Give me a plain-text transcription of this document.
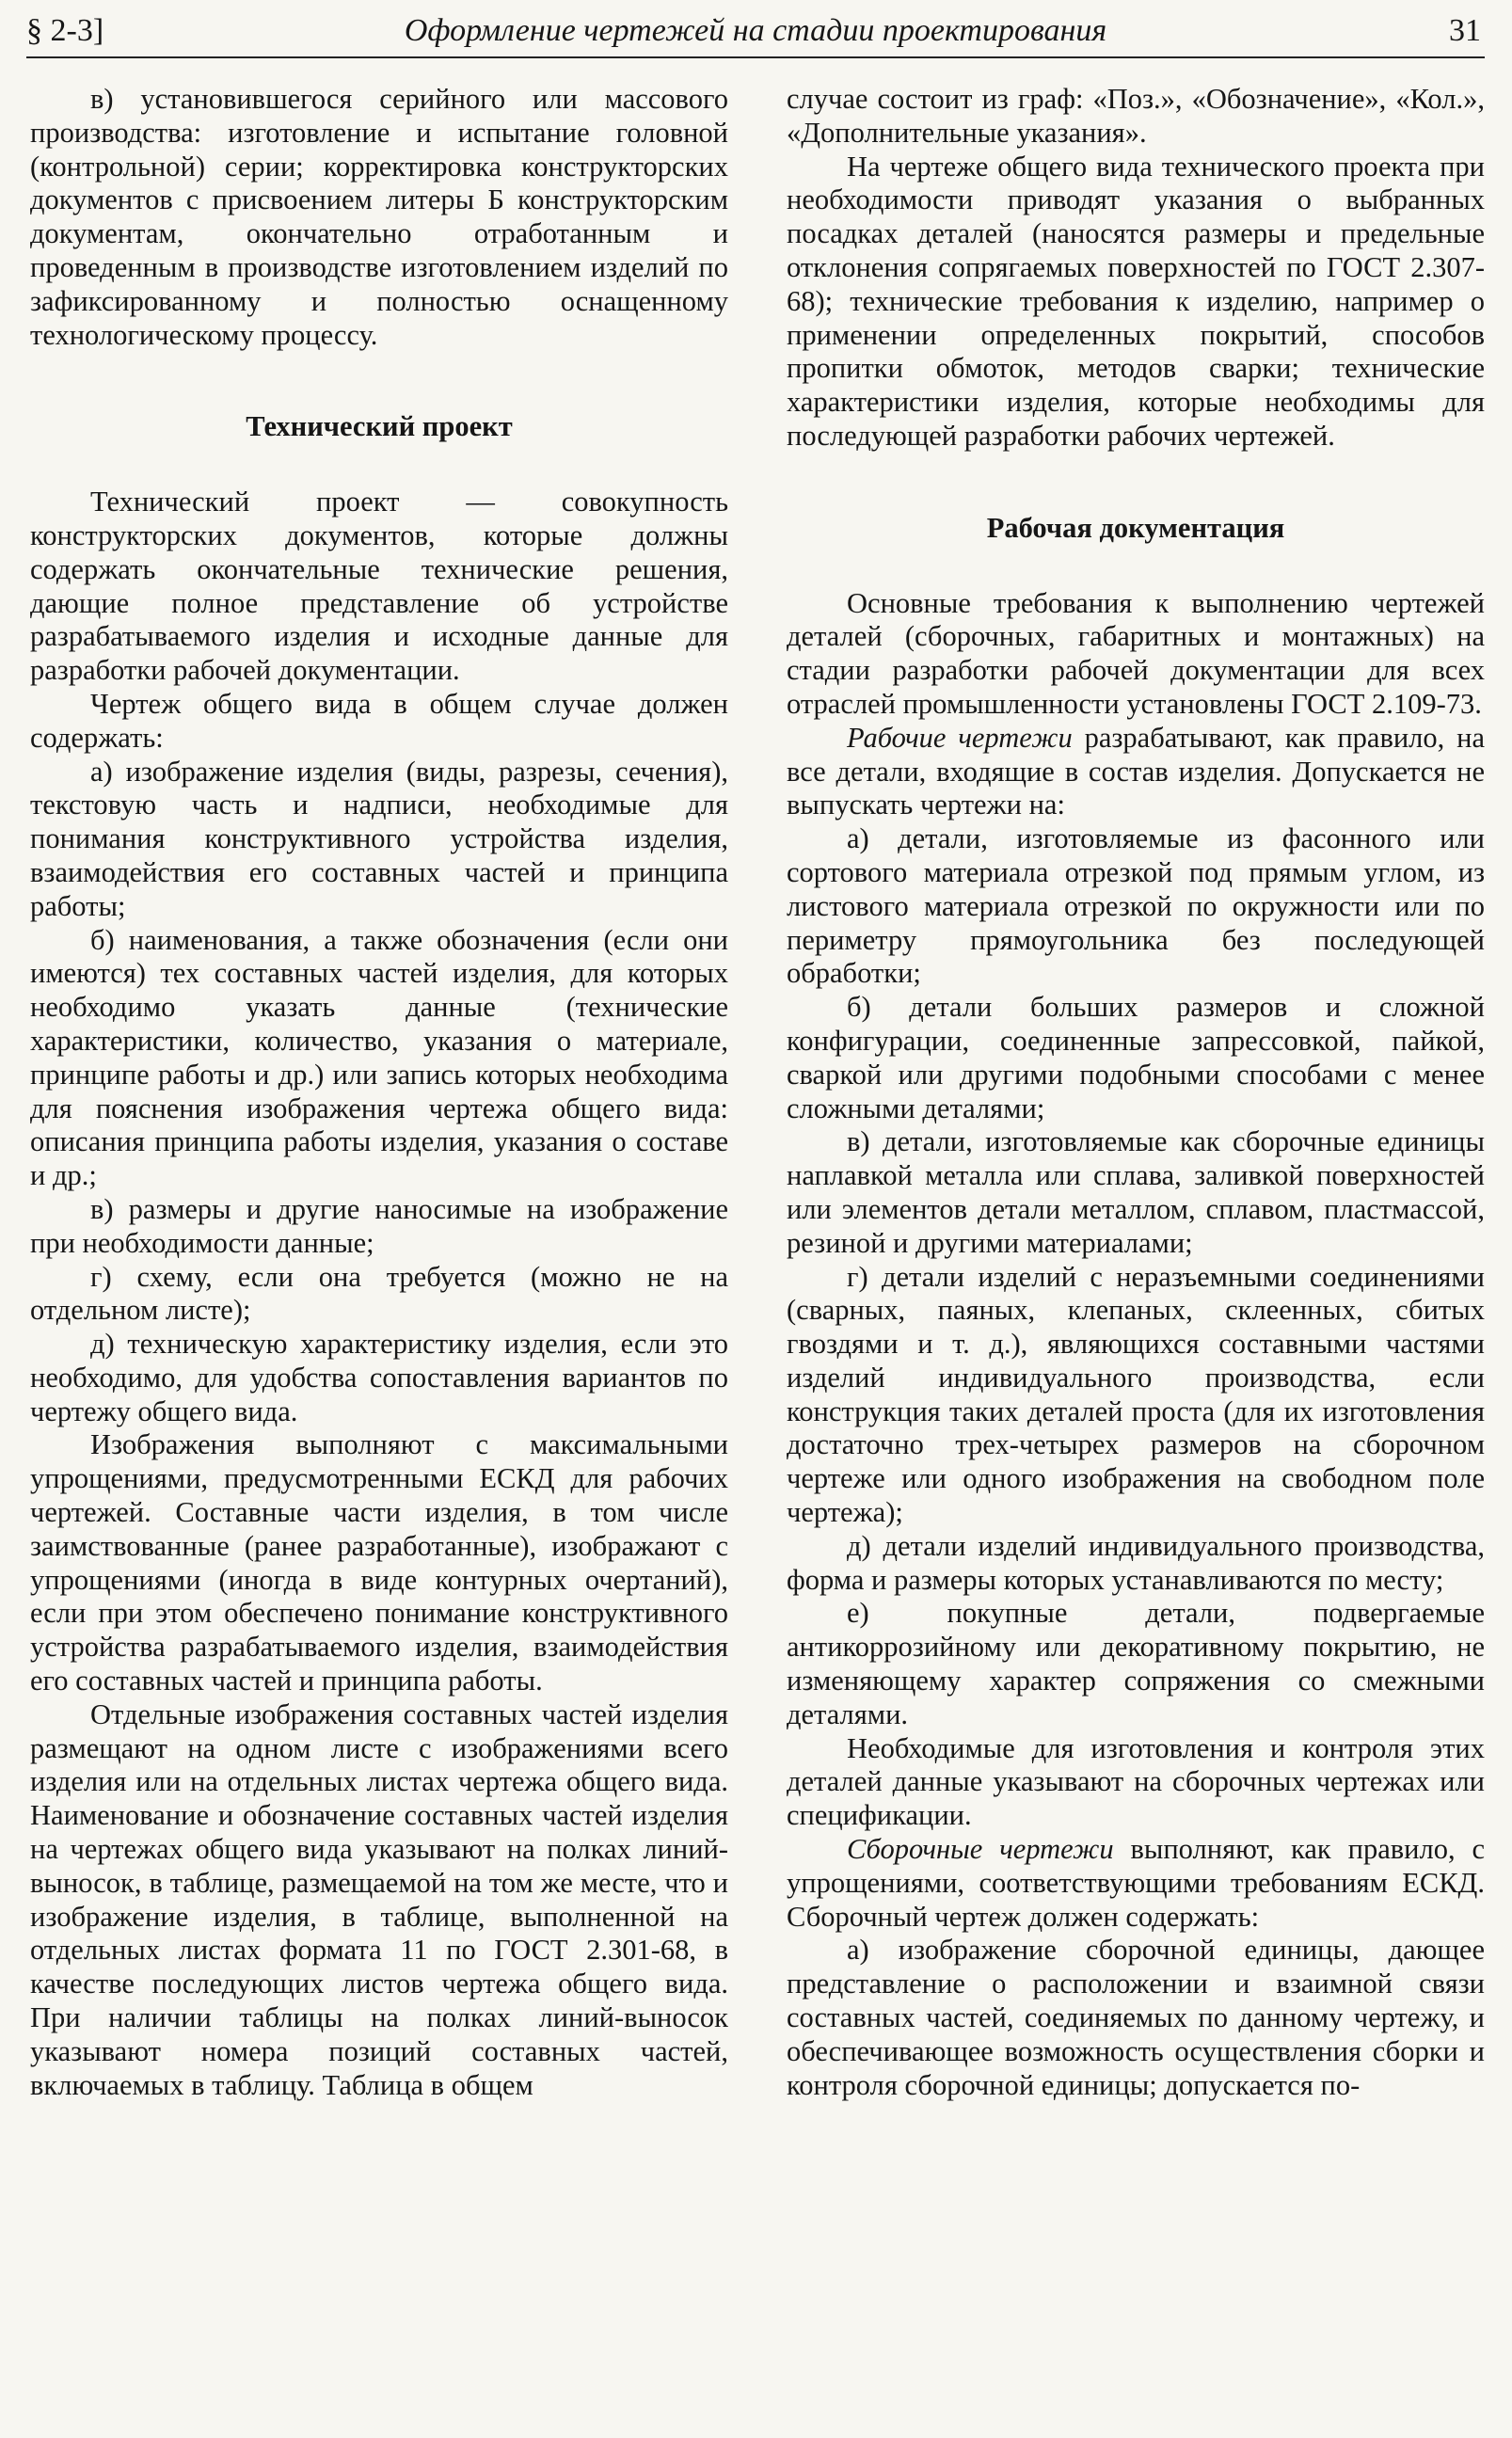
§ 2-3]	Оформление чертежей на стадии проектирования	31

в) установившегося серийного или массового производства: изготовление и испытание головной (контрольной) серии; корректировка конструкторских документов с присвоением литеры Б конструкторским документам, окончательно отработанным и проведенным в производстве изготовлением изделий по зафиксированному и полностью оснащенному технологическому процессу.

Технический проект

Технический проект — совокупность конструкторских документов, которые должны содержать окончательные технические решения, дающие полное представление об устройстве разрабатываемого изделия и исходные данные для разработки рабочей документации.

Чертеж общего вида в общем случае должен содержать:

а) изображение изделия (виды, разрезы, сечения), текстовую часть и надписи, необходимые для понимания конструктивного устройства изделия, взаимодействия его составных частей и принципа работы;

б) наименования, а также обозначения (если они имеются) тех составных частей изделия, для которых необходимо указать данные (технические характеристики, количество, указания о материале, принципе работы и др.) или запись которых необходима для пояснения изображения чертежа общего вида: описания принципа работы изделия, указания о составе и др.;

в) размеры и другие наносимые на изображение при необходимости данные;

г) схему, если она требуется (можно не на отдельном листе);

д) техническую характеристику изделия, если это необходимо, для удобства сопоставления вариантов по чертежу общего вида.

Изображения выполняют с максимальными упрощениями, предусмотренными ЕСКД для рабочих чертежей. Составные части изделия, в том числе заимствованные (ранее разработанные), изображают с упрощениями (иногда в виде контурных очертаний), если при этом обеспечено понимание конструктивного устройства разрабатываемого изделия, взаимодействия его составных частей и принципа работы.

Отдельные изображения составных частей изделия размещают на одном листе с изображениями всего изделия или на отдельных листах чертежа общего вида. Наименование и обозначение составных частей изделия на чертежах общего вида указывают на полках линий-выносок, в таблице, размещаемой на том же месте, что и изображение изделия, в таблице, выполненной на отдельных листах формата 11 по ГОСТ 2.301-68, в качестве последующих листов чертежа общего вида. При наличии таблицы на полках линий-выносок указывают номера позиций составных частей, включаемых в таблицу. Таблица в общем

случае состоит из граф: «Поз.», «Обозначение», «Кол.», «Дополнительные указания».

На чертеже общего вида технического проекта при необходимости приводят указания о выбранных посадках деталей (наносятся размеры и предельные отклонения сопрягаемых поверхностей по ГОСТ 2.307-68); технические требования к изделию, например о применении определенных покрытий, способов пропитки обмоток, методов сварки; технические характеристики изделия, которые необходимы для последующей разработки рабочих чертежей.

Рабочая документация

Основные требования к выполнению чертежей деталей (сборочных, габаритных и монтажных) на стадии разработки рабочей документации для всех отраслей промышленности установлены ГОСТ 2.109-73.

Рабочие чертежи разрабатывают, как правило, на все детали, входящие в состав изделия. Допускается не выпускать чертежи на:

а) детали, изготовляемые из фасонного или сортового материала отрезкой под прямым углом, из листового материала отрезкой по окружности или по периметру прямоугольника без последующей обработки;

б) детали больших размеров и сложной конфигурации, соединенные запрессовкой, пайкой, сваркой или другими подобными способами с менее сложными деталями;

в) детали, изготовляемые как сборочные единицы наплавкой металла или сплава, заливкой поверхностей или элементов детали металлом, сплавом, пластмассой, резиной и другими материалами;

г) детали изделий с неразъемными соединениями (сварных, паяных, клепаных, склеенных, сбитых гвоздями и т. д.), являющихся составными частями изделий индивидуального производства, если конструкция таких деталей проста (для их изготовления достаточно трех-четырех размеров на сборочном чертеже или одного изображения на свободном поле чертежа);

д) детали изделий индивидуального производства, форма и размеры которых устанавливаются по месту;

е) покупные детали, подвергаемые антикоррозийному или декоративному покрытию, не изменяющему характер сопряжения со смежными деталями.

Необходимые для изготовления и контроля этих деталей данные указывают на сборочных чертежах или спецификации.

Сборочные чертежи выполняют, как правило, с упрощениями, соответствующими требованиям ЕСКД. Сборочный чертеж должен содержать:

а) изображение сборочной единицы, дающее представление о расположении и взаимной связи составных частей, соединяемых по данному чертежу, и обеспечивающее возможность осуществления сборки и контроля сборочной единицы; допускается по-
